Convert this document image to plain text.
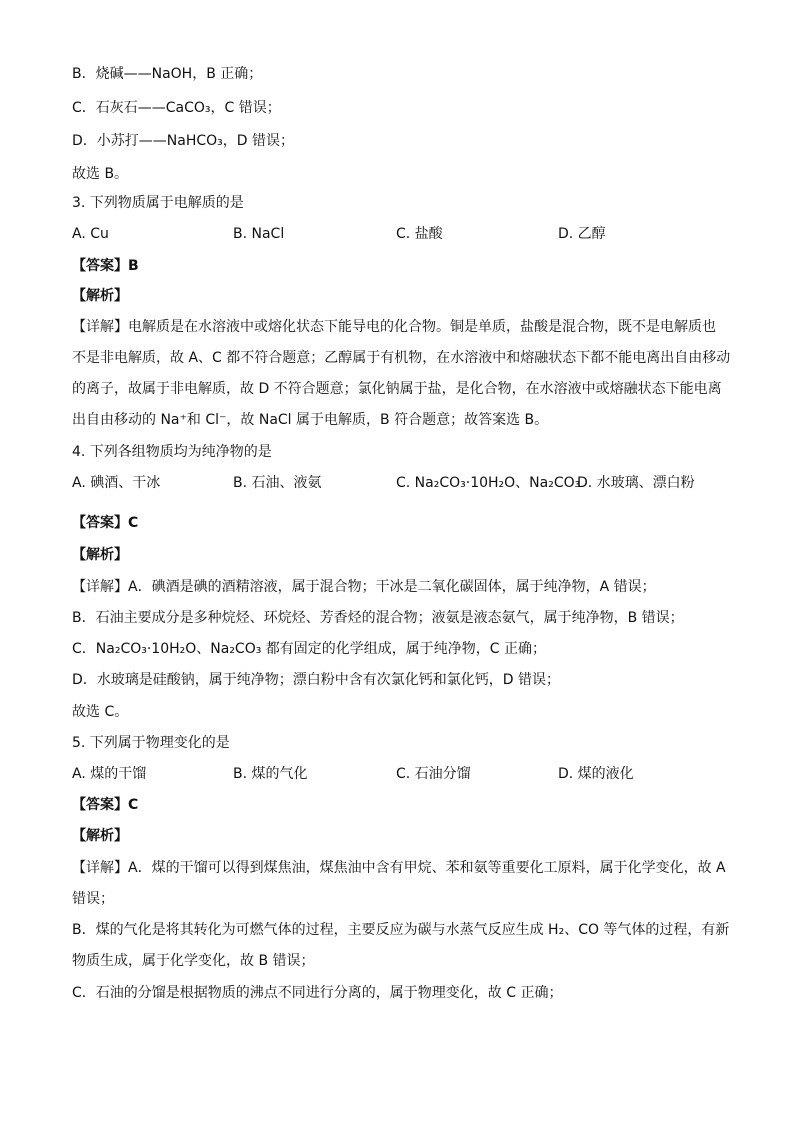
B．烧碱——NaOH，B 正确；
C．石灰石——CaCO₃，C 错误；
D．小苏打——NaHCO₃，D 错误；
故选 B。
3. 下列物质属于电解质的是
A. Cu	B. NaCl	C. 盐酸	D. 乙醇
【答案】B
【解析】
【详解】电解质是在水溶液中或熔化状态下能导电的化合物。铜是单质，盐酸是混合物，既不是电解质也
不是非电解质，故 A、C 都不符合题意；乙醇属于有机物，在水溶液中和熔融状态下都不能电离出自由移动
的离子，故属于非电解质，故 D 不符合题意；氯化钠属于盐，是化合物，在水溶液中或熔融状态下能电离
出自由移动的 Na⁺和 Cl⁻，故 NaCl 属于电解质，B 符合题意；故答案选 B。
4. 下列各组物质均为纯净物的是
A. 碘酒、干冰	B. 石油、液氨	C. Na₂CO₃·10H₂O、Na₂CO₃
D. 水玻璃、漂白粉
【答案】C
【解析】
【详解】A．碘酒是碘的酒精溶液，属于混合物；干冰是二氧化碳固体，属于纯净物，A 错误；
B．石油主要成分是多种烷烃、环烷烃、芳香烃的混合物；液氨是液态氨气，属于纯净物，B 错误；
C．Na₂CO₃·10H₂O、Na₂CO₃ 都有固定的化学组成，属于纯净物，C 正确；
D．水玻璃是硅酸钠，属于纯净物；漂白粉中含有次氯化钙和氯化钙，D 错误；
故选 C。
5. 下列属于物理变化的是
A. 煤的干馏	B. 煤的气化	C. 石油分馏	D. 煤的液化
【答案】C
【解析】
【详解】A．煤的干馏可以得到煤焦油，煤焦油中含有甲烷、苯和氨等重要化工原料，属于化学变化，故 A
错误；
B．煤的气化是将其转化为可燃气体的过程，主要反应为碳与水蒸气反应生成 H₂、CO 等气体的过程，有新
物质生成，属于化学变化，故 B 错误；
C．石油的分馏是根据物质的沸点不同进行分离的，属于物理变化，故 C 正确；
